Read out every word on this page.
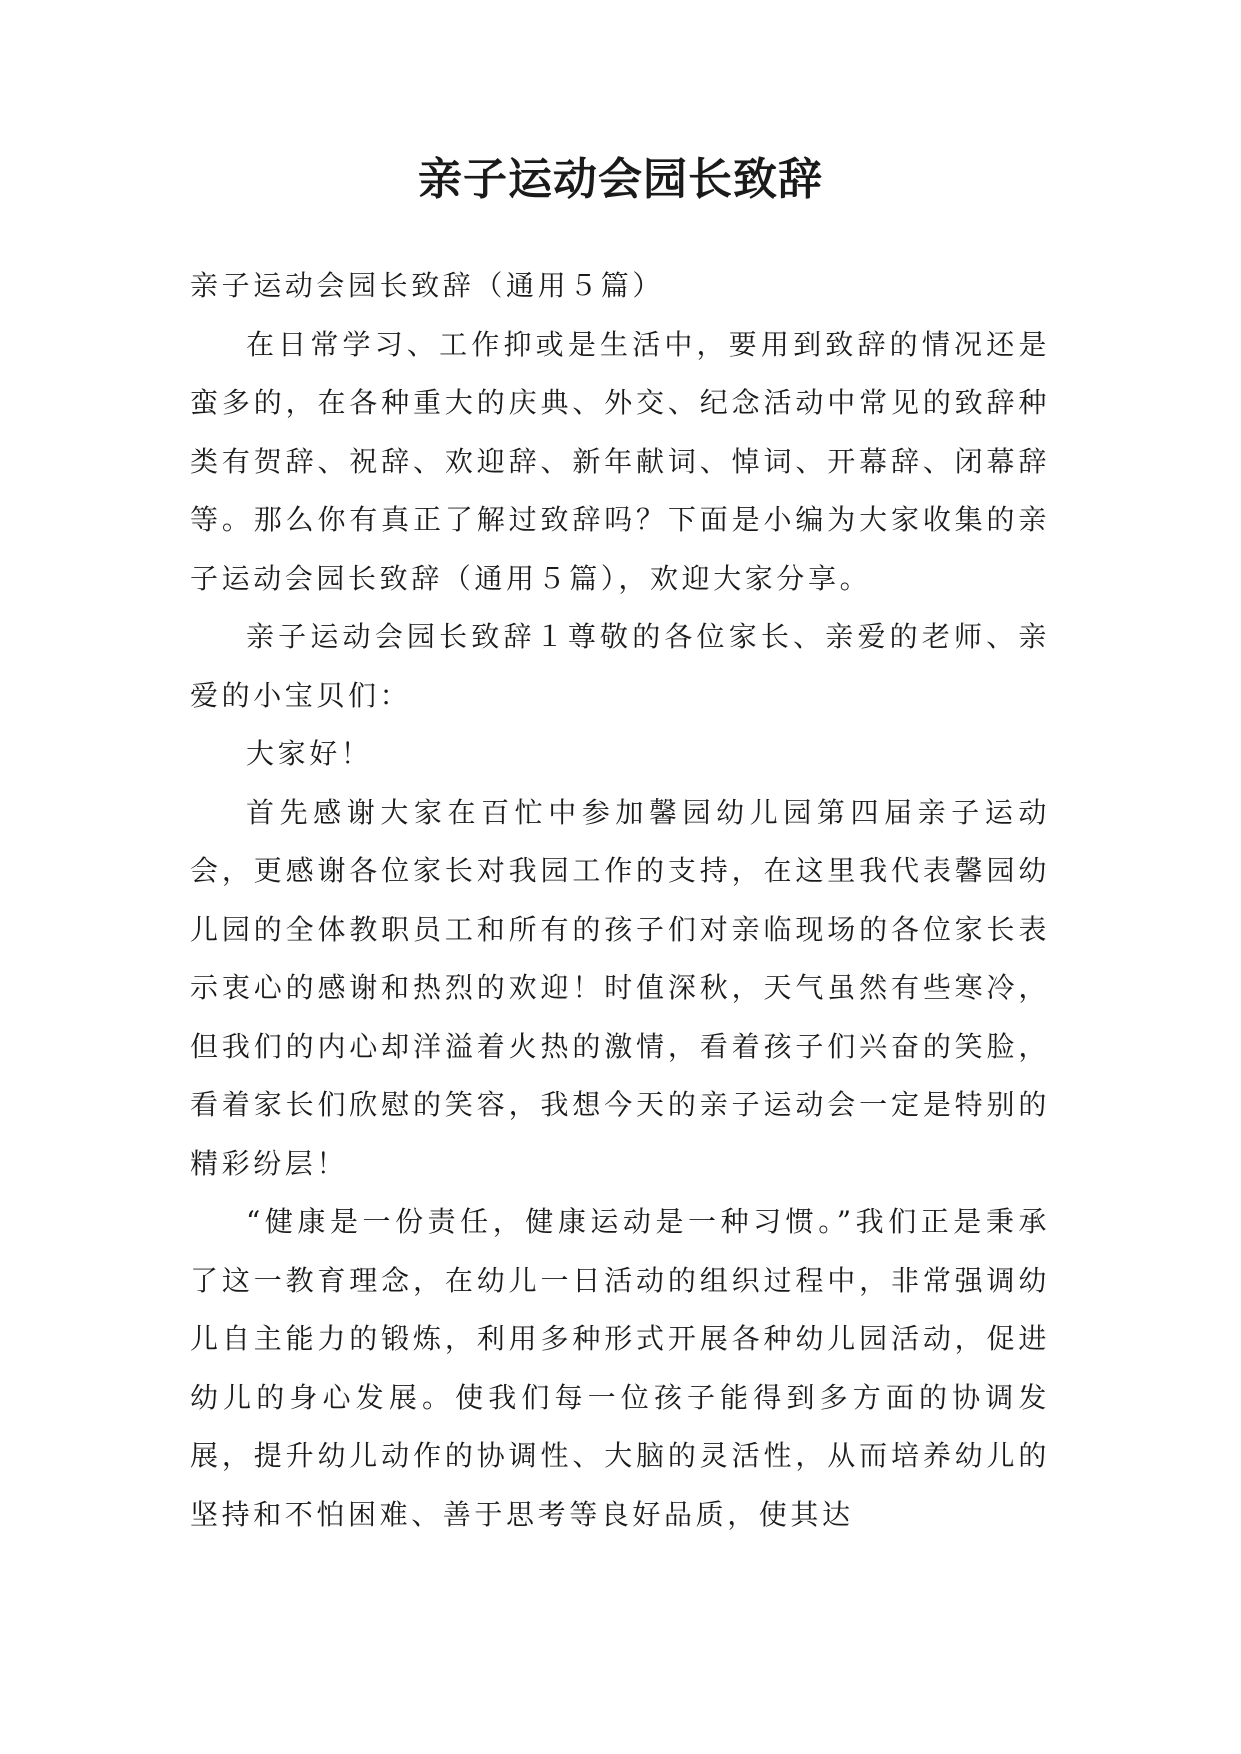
亲子运动会园长致辞

亲子运动会园长致辞（通用５篇）

在日常学习、工作抑或是生活中，要用到致辞的情况还是蛮多的，在各种重大的庆典、外交、纪念活动中常见的致辞种类有贺辞、祝辞、欢迎辞、新年献词、悼词、开幕辞、闭幕辞等。那么你有真正了解过致辞吗？下面是小编为大家收集的亲子运动会园长致辞（通用５篇），欢迎大家分享。

亲子运动会园长致辞１尊敬的各位家长、亲爱的老师、亲爱的小宝贝们：

大家好！

首先感谢大家在百忙中参加馨园幼儿园第四届亲子运动会，更感谢各位家长对我园工作的支持，在这里我代表馨园幼儿园的全体教职员工和所有的孩子们对亲临现场的各位家长表示衷心的感谢和热烈的欢迎！时值深秋，天气虽然有些寒冷，但我们的内心却洋溢着火热的激情，看着孩子们兴奋的笑脸，看着家长们欣慰的笑容，我想今天的亲子运动会一定是特别的精彩纷层！

“健康是一份责任，健康运动是一种习惯。”我们正是秉承了这一教育理念，在幼儿一日活动的组织过程中，非常强调幼儿自主能力的锻炼，利用多种形式开展各种幼儿园活动，促进幼儿的身心发展。使我们每一位孩子能得到多方面的协调发展，提升幼儿动作的协调性、大脑的灵活性，从而培养幼儿的坚持和不怕困难、善于思考等良好品质，使其达
